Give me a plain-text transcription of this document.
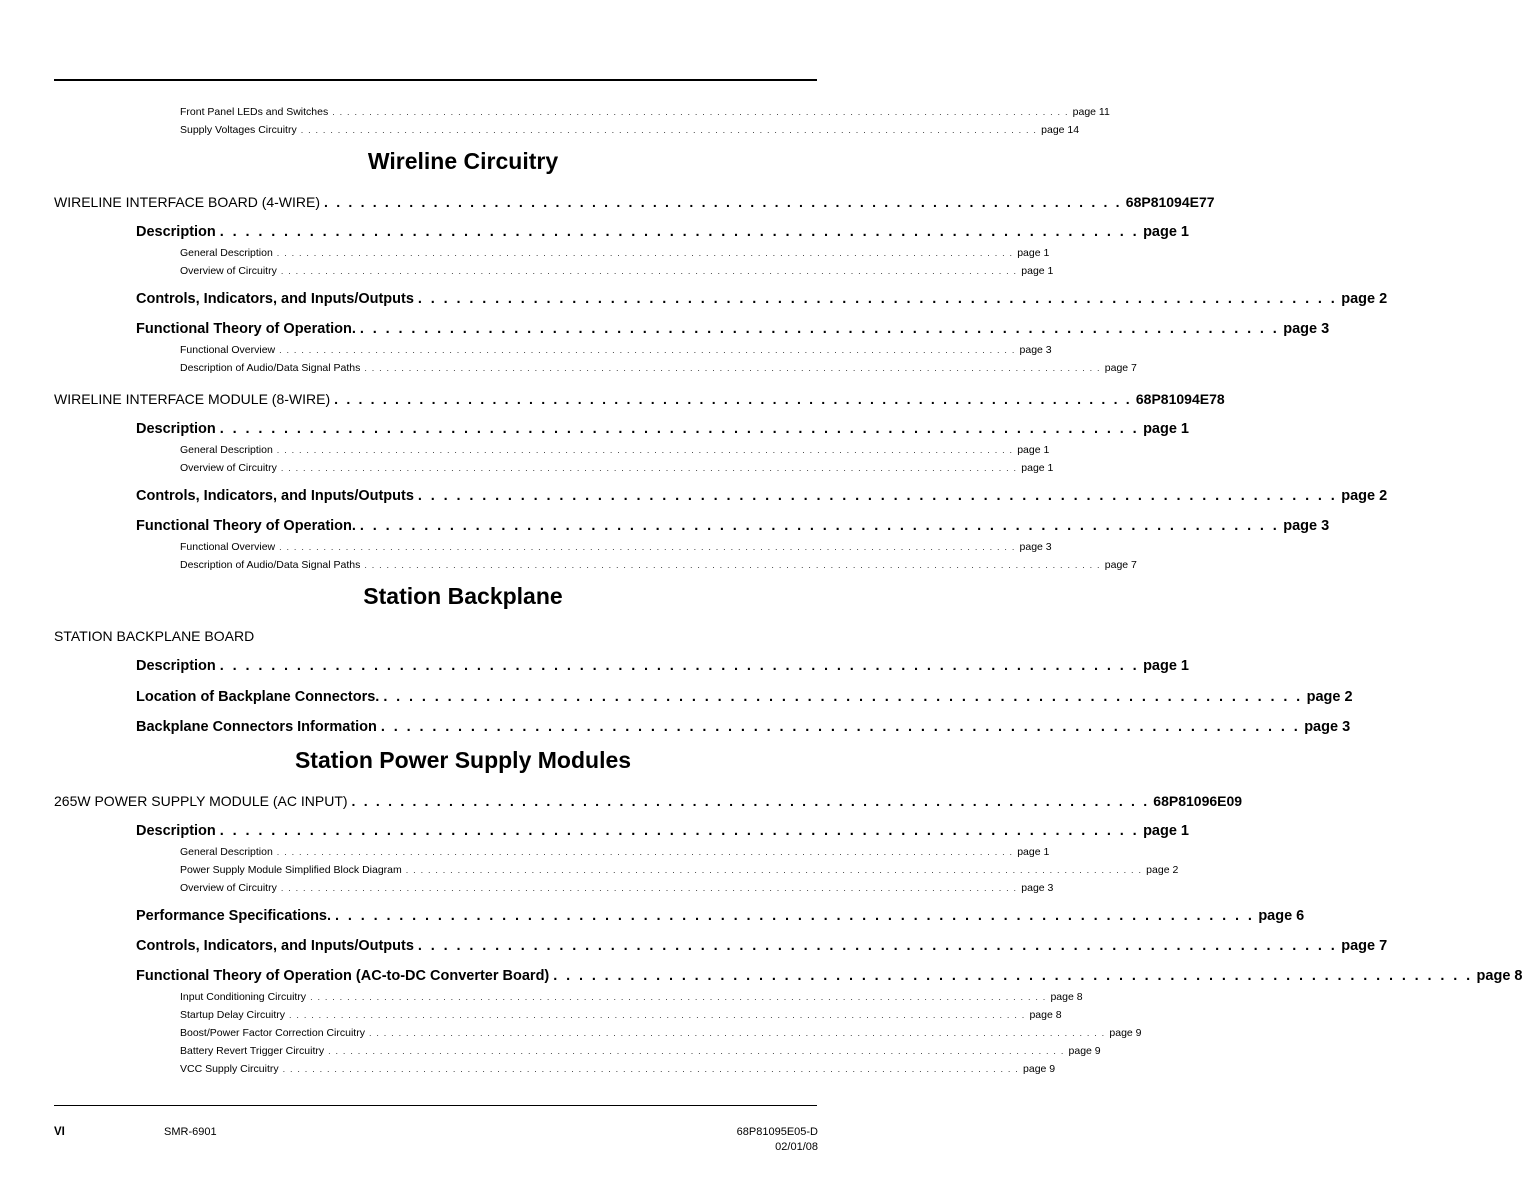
Front Panel LEDs and Switches . . . . . . . . . . . . . . . . . . . . . . . . . . . . . . . . . . . . . . . . . . . . . . . . . . . . . . . . . . . . . . . . . . . . . . . . . . . . . . . . . . . . . . . . . . . . . . . . . . . . page 11
Supply Voltages Circuitry . . . . . . . . . . . . . . . . . . . . . . . . . . . . . . . . . . . . . . . . . . . . . . . . . . . . . . . . . . . . . . . . . . . . . . . . . . . . . . . . . . . . . . . . . . . . . . . . . . . . page 14
Wireline Circuitry
WIRELINE INTERFACE BOARD (4-WIRE) . . . . . . . . . . . . . . . . . . . . . . . . . . . . . . . . . . . . . . . . . . . . . . . . . . . . . . . . . . . . . . . . . . 68P81094E77
Description . . . . . . . . . . . . . . . . . . . . . . . . . . . . . . . . . . . . . . . . . . . . . . . . . . . . . . . . . . . . . . . . . . . . . . . . page 1
General Description . . . . . . . . . . . . . . . . . . . . . . . . . . . . . . . . . . . . . . . . . . . . . . . . . . . . . . . . . . . . . . . . . . . . . . . . . . . . . . . . . . . . . . . . . . . . . . . . . . . . page 1
Overview of Circuitry . . . . . . . . . . . . . . . . . . . . . . . . . . . . . . . . . . . . . . . . . . . . . . . . . . . . . . . . . . . . . . . . . . . . . . . . . . . . . . . . . . . . . . . . . . . . . . . . . . . . page 1
Controls, Indicators, and Inputs/Outputs . . . . . . . . . . . . . . . . . . . . . . . . . . . . . . . . . . . . . . . . . . . . . . . . . . . . . . . . . . . . . . . . . . . . . . . . page 2
Functional Theory of Operation. . . . . . . . . . . . . . . . . . . . . . . . . . . . . . . . . . . . . . . . . . . . . . . . . . . . . . . . . . . . . . . . . . . . . . . . . page 3
Functional Overview . . . . . . . . . . . . . . . . . . . . . . . . . . . . . . . . . . . . . . . . . . . . . . . . . . . . . . . . . . . . . . . . . . . . . . . . . . . . . . . . . . . . . . . . . . . . . . . . . . . . page 3
Description of Audio/Data Signal Paths . . . . . . . . . . . . . . . . . . . . . . . . . . . . . . . . . . . . . . . . . . . . . . . . . . . . . . . . . . . . . . . . . . . . . . . . . . . . . . . . . . . . . . . . . . . . . . . . . . . . page 7
WIRELINE INTERFACE MODULE (8-WIRE) . . . . . . . . . . . . . . . . . . . . . . . . . . . . . . . . . . . . . . . . . . . . . . . . . . . . . . . . . . . . . . . . . . 68P81094E78
Description . . . . . . . . . . . . . . . . . . . . . . . . . . . . . . . . . . . . . . . . . . . . . . . . . . . . . . . . . . . . . . . . . . . . . . . . page 1
General Description . . . . . . . . . . . . . . . . . . . . . . . . . . . . . . . . . . . . . . . . . . . . . . . . . . . . . . . . . . . . . . . . . . . . . . . . . . . . . . . . . . . . . . . . . . . . . . . . . . . . page 1
Overview of Circuitry . . . . . . . . . . . . . . . . . . . . . . . . . . . . . . . . . . . . . . . . . . . . . . . . . . . . . . . . . . . . . . . . . . . . . . . . . . . . . . . . . . . . . . . . . . . . . . . . . . . . page 1
Controls, Indicators, and Inputs/Outputs . . . . . . . . . . . . . . . . . . . . . . . . . . . . . . . . . . . . . . . . . . . . . . . . . . . . . . . . . . . . . . . . . . . . . . . . page 2
Functional Theory of Operation. . . . . . . . . . . . . . . . . . . . . . . . . . . . . . . . . . . . . . . . . . . . . . . . . . . . . . . . . . . . . . . . . . . . . . . . . page 3
Functional Overview . . . . . . . . . . . . . . . . . . . . . . . . . . . . . . . . . . . . . . . . . . . . . . . . . . . . . . . . . . . . . . . . . . . . . . . . . . . . . . . . . . . . . . . . . . . . . . . . . . . . page 3
Description of Audio/Data Signal Paths . . . . . . . . . . . . . . . . . . . . . . . . . . . . . . . . . . . . . . . . . . . . . . . . . . . . . . . . . . . . . . . . . . . . . . . . . . . . . . . . . . . . . . . . . . . . . . . . . . . . page 7
Station Backplane
STATION BACKPLANE BOARD
Description . . . . . . . . . . . . . . . . . . . . . . . . . . . . . . . . . . . . . . . . . . . . . . . . . . . . . . . . . . . . . . . . . . . . . . . . page 1
Location of Backplane Connectors. . . . . . . . . . . . . . . . . . . . . . . . . . . . . . . . . . . . . . . . . . . . . . . . . . . . . . . . . . . . . . . . . . . . . . . . . page 2
Backplane Connectors Information . . . . . . . . . . . . . . . . . . . . . . . . . . . . . . . . . . . . . . . . . . . . . . . . . . . . . . . . . . . . . . . . . . . . . . . . page 3
Station Power Supply Modules
265W POWER SUPPLY MODULE (AC INPUT) . . . . . . . . . . . . . . . . . . . . . . . . . . . . . . . . . . . . . . . . . . . . . . . . . . . . . . . . . . . . . . . . . . 68P81096E09
Description . . . . . . . . . . . . . . . . . . . . . . . . . . . . . . . . . . . . . . . . . . . . . . . . . . . . . . . . . . . . . . . . . . . . . . . . page 1
General Description . . . . . . . . . . . . . . . . . . . . . . . . . . . . . . . . . . . . . . . . . . . . . . . . . . . . . . . . . . . . . . . . . . . . . . . . . . . . . . . . . . . . . . . . . . . . . . . . . . . . page 1
Power Supply Module Simplified Block Diagram . . . . . . . . . . . . . . . . . . . . . . . . . . . . . . . . . . . . . . . . . . . . . . . . . . . . . . . . . . . . . . . . . . . . . . . . . . . . . . . . . . . . . . . . . . . . . . . . . . . . page 2
Overview of Circuitry . . . . . . . . . . . . . . . . . . . . . . . . . . . . . . . . . . . . . . . . . . . . . . . . . . . . . . . . . . . . . . . . . . . . . . . . . . . . . . . . . . . . . . . . . . . . . . . . . . . . page 3
Performance Specifications. . . . . . . . . . . . . . . . . . . . . . . . . . . . . . . . . . . . . . . . . . . . . . . . . . . . . . . . . . . . . . . . . . . . . . . . . page 6
Controls, Indicators, and Inputs/Outputs . . . . . . . . . . . . . . . . . . . . . . . . . . . . . . . . . . . . . . . . . . . . . . . . . . . . . . . . . . . . . . . . . . . . . . . . page 7
Functional Theory of Operation (AC-to-DC Converter Board) . . . . . . . . . . . . . . . . . . . . . . . . . . . . . . . . . . . . . . . . . . . . . . . . . . . . . . . . . . . . . . . . . . . . . . . . page 8
Input Conditioning Circuitry . . . . . . . . . . . . . . . . . . . . . . . . . . . . . . . . . . . . . . . . . . . . . . . . . . . . . . . . . . . . . . . . . . . . . . . . . . . . . . . . . . . . . . . . . . . . . . . . . . . . page 8
Startup Delay Circuitry . . . . . . . . . . . . . . . . . . . . . . . . . . . . . . . . . . . . . . . . . . . . . . . . . . . . . . . . . . . . . . . . . . . . . . . . . . . . . . . . . . . . . . . . . . . . . . . . . . . . page 8
Boost/Power Factor Correction Circuitry . . . . . . . . . . . . . . . . . . . . . . . . . . . . . . . . . . . . . . . . . . . . . . . . . . . . . . . . . . . . . . . . . . . . . . . . . . . . . . . . . . . . . . . . . . . . . . . . . . . . page 9
Battery Revert Trigger Circuitry . . . . . . . . . . . . . . . . . . . . . . . . . . . . . . . . . . . . . . . . . . . . . . . . . . . . . . . . . . . . . . . . . . . . . . . . . . . . . . . . . . . . . . . . . . . . . . . . . . . . page 9
VCC Supply Circuitry . . . . . . . . . . . . . . . . . . . . . . . . . . . . . . . . . . . . . . . . . . . . . . . . . . . . . . . . . . . . . . . . . . . . . . . . . . . . . . . . . . . . . . . . . . . . . . . . . . . . page 9
VI	SMR-6901	68P81095E05-D
02/01/08
